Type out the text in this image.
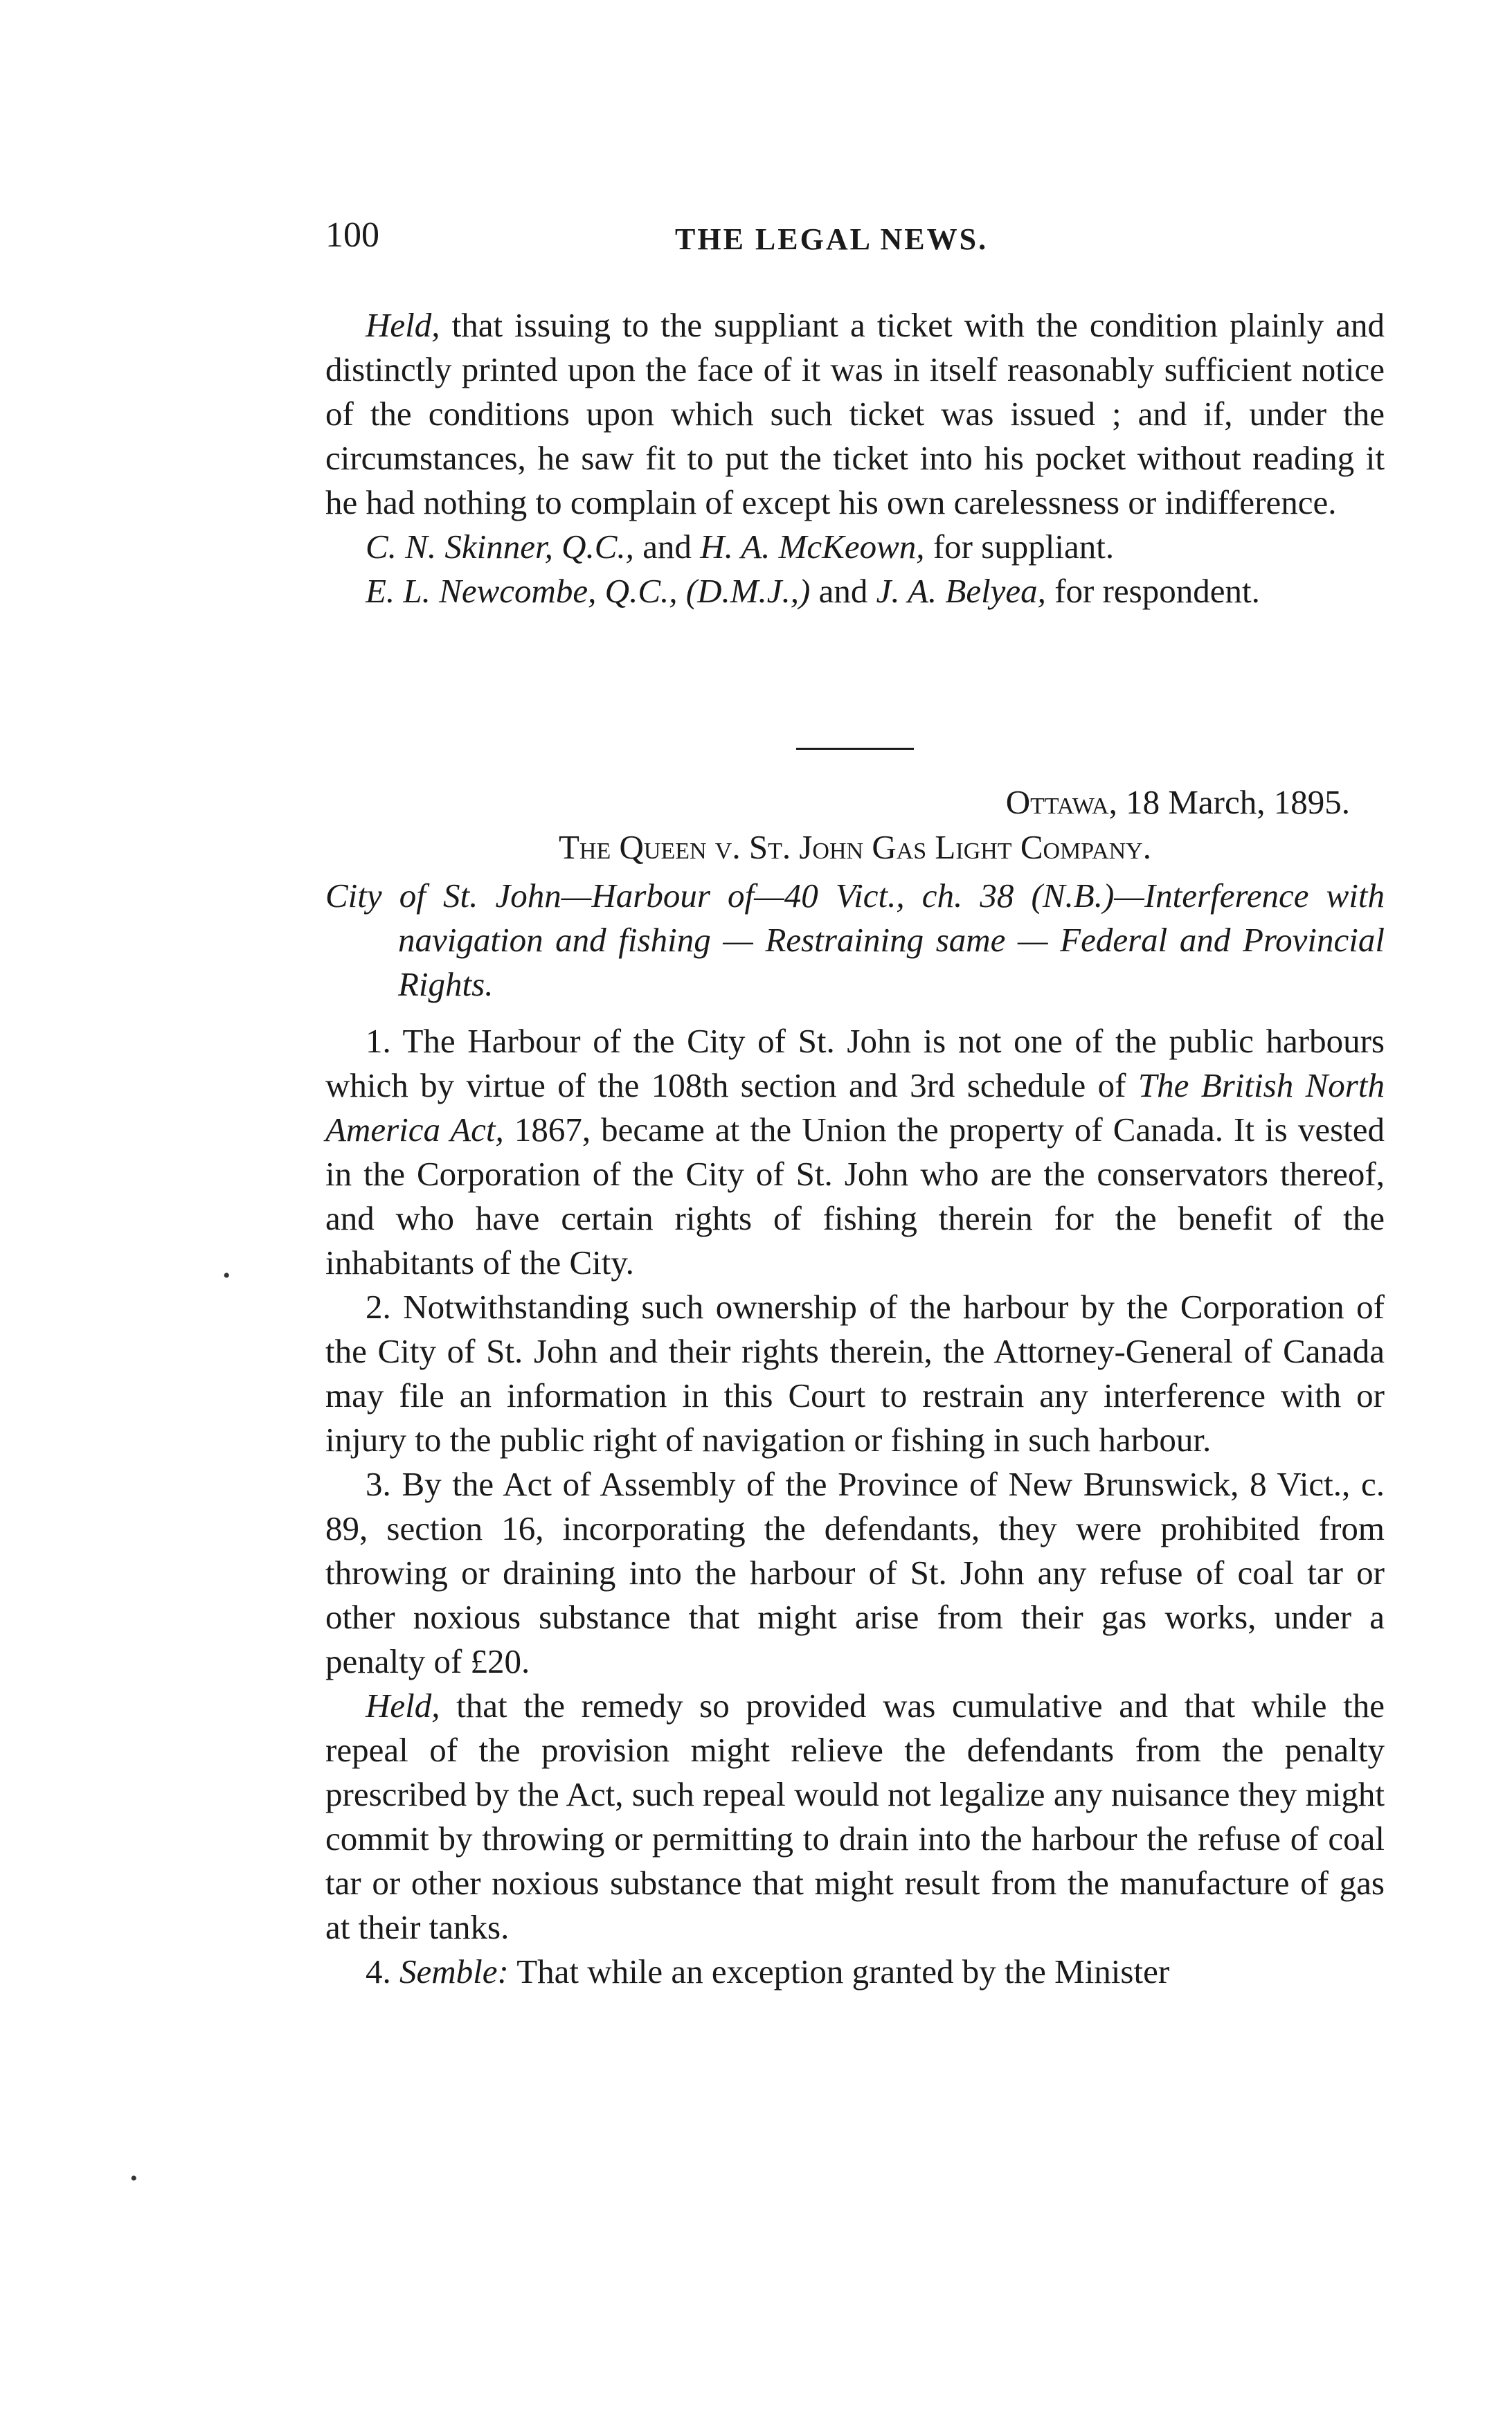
100	THE LEGAL NEWS.

Held, that issuing to the suppliant a ticket with the condition plainly and distinctly printed upon the face of it was in itself reasonably sufficient notice of the conditions upon which such ticket was issued ; and if, under the circumstances, he saw fit to put the ticket into his pocket without reading it he had nothing to complain of except his own carelessness or indifference.

C. N. Skinner, Q.C., and H. A. McKeown, for suppliant.

E. L. Newcombe, Q.C., (D.M.J.,) and J. A. Belyea, for respondent.

Ottawa, 18 March, 1895.
The Queen v. St. John Gas Light Company.

City of St. John—Harbour of—40 Vict., ch. 38 (N.B.)—Interference with navigation and fishing — Restraining same — Federal and Provincial Rights.

1. The Harbour of the City of St. John is not one of the public harbours which by virtue of the 108th section and 3rd schedule of The British North America Act, 1867, became at the Union the property of Canada. It is vested in the Corporation of the City of St. John who are the conservators thereof, and who have certain rights of fishing therein for the benefit of the inhabitants of the City.

2. Notwithstanding such ownership of the harbour by the Corporation of the City of St. John and their rights therein, the Attorney-General of Canada may file an information in this Court to restrain any interference with or injury to the public right of navigation or fishing in such harbour.

3. By the Act of Assembly of the Province of New Brunswick, 8 Vict., c. 89, section 16, incorporating the defendants, they were prohibited from throwing or draining into the harbour of St. John any refuse of coal tar or other noxious substance that might arise from their gas works, under a penalty of £20.

Held, that the remedy so provided was cumulative and that while the repeal of the provision might relieve the defendants from the penalty prescribed by the Act, such repeal would not legalize any nuisance they might commit by throwing or permitting to drain into the harbour the refuse of coal tar or other noxious substance that might result from the manufacture of gas at their tanks.

4. Semble: That while an exception granted by the Minister

•
•
